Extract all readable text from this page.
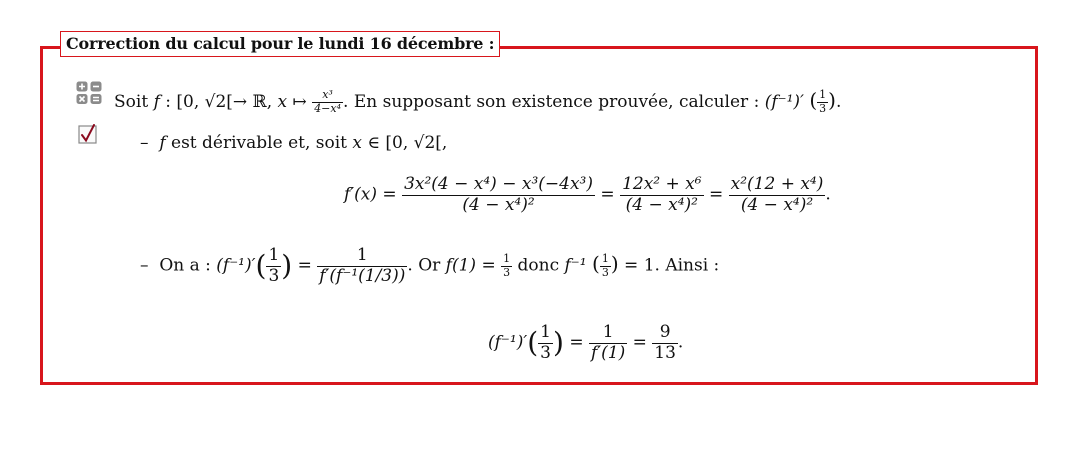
Correction du calcul pour le lundi 16 décembre :
Soit f : [0, √2[→ ℝ, x ↦ $\frac{\text{x³}}{\text{4−x⁴}}$ . En supposant son existence prouvée, calculer : (f⁻¹)′ ( $\frac{1}{3}$ ).
– f est dérivable et, soit x ∈ [0, √2[,
$f'(x) = \frac{\text{3x²(4 − x⁴) − x³(−4x³)}}{\text{(4 − x⁴)²}} = \frac{\text{12x² + x⁶}}{\text{(4 − x⁴)²}} = \frac{\text{x²(12 + x⁴)}}{\text{(4 − x⁴)²}}$ .
– On a : $(f^{-1})'( \frac{1}{3}$ ) = $\frac{1}{\text{f′(f⁻¹(1/3))}}$ . Or $f(1) = \frac{1}{3}$ donc f⁻¹ ( $\frac{1}{3}$ ) = 1. Ainsi :
$(f^{-1})'( \frac{1}{3}$ ) = $\frac{1}{f'(1)} = \frac{9}{13}$ .
